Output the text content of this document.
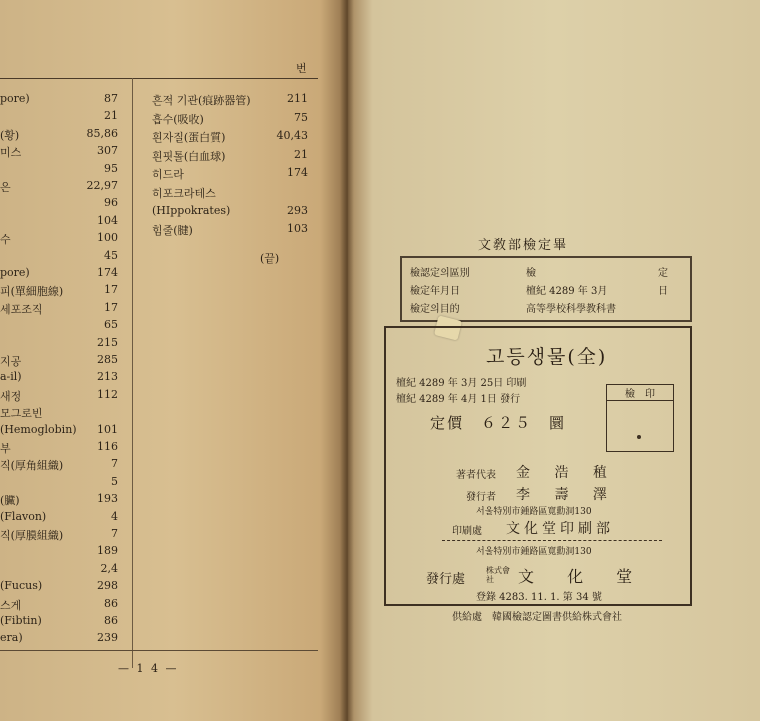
번
pore)	87
21
(황)	85,86
미스	307
95
은	22,97
96
104
수	100
45
pore)	174
피(單細胞線)	17
세포조직	17
65
215
지공	285
a-il)	213
새정	112
모그로빈
(Hemoglobin) 101
부	116
직(厚角組織)	7
5
(臟)	193
(Flavon)	4
직(厚膜組織)	7
189
2,4
(Fucus)	298
스게	86
(Fibtin)	86
era)	239
흔적 기관(痕跡器管)	211
흡수(吸收)	75
흰자질(蛋白質)	40,43
흰핏톨(白血球)	21
히드라	174
히포크라테스
(HIppokrates)	293
힘줄(腱)	103
(끝)
— 1 4 —
文敎部檢定畢
檢認定의區別	檢	定
檢定年月日	檀紀 4289 年 3月	日
檢定의目的	高等學校科學教科書
고등생물(全)
檀紀 4289 年 3月 25日 印刷
檀紀 4289 年 4月 1日 發行	檢　印
定價　６２５　圜
著者代表 金 浩 稙
發行者 李 壽 澤
서울特別市鍾路區寬勳洞130
印刷處 文化堂印刷部
서울特別市鍾路區寬勳洞130
發行處
株式會社	文 化 堂
登錄 4283. 11. 1. 第 34 號
供給處　韓國檢認定圖書供給株式會社
